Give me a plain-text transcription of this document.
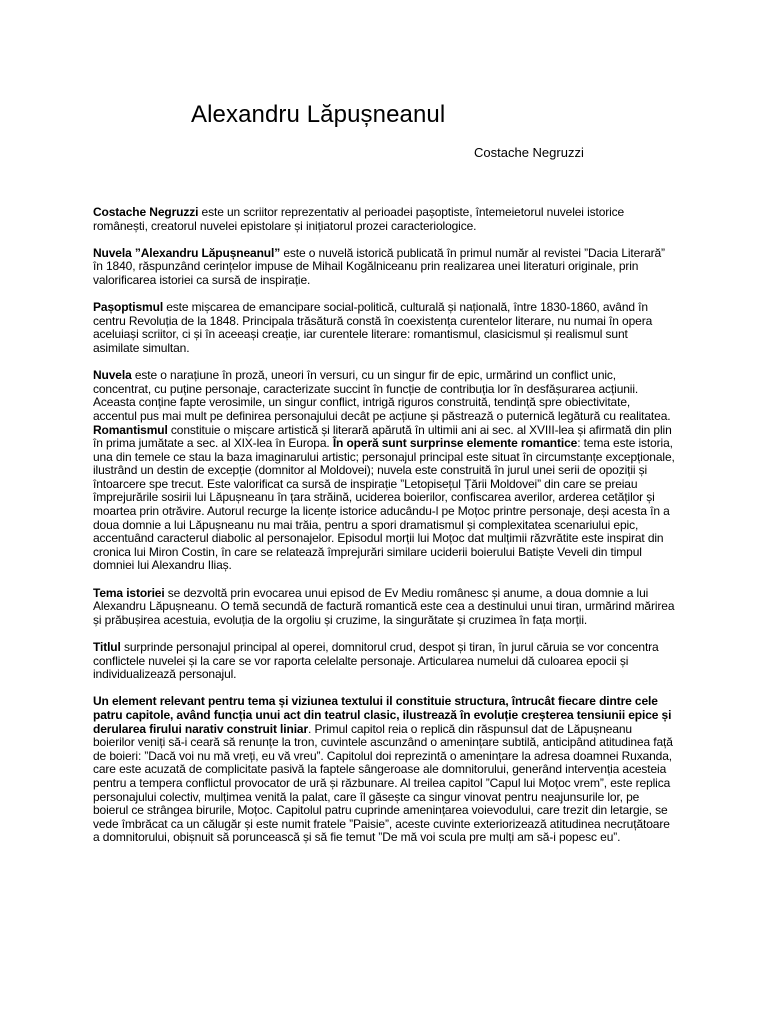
Alexandru Lăpușneanul
Costache Negruzzi

Costache Negruzzi este un scriitor reprezentativ al perioadei pașoptiste, întemeietorul nuvelei istorice românești, creatorul nuvelei epistolare și inițiatorul prozei caracteriologice.

Nuvela ”Alexandru Lăpușneanul” este o nuvelă istorică publicată în primul număr al revistei ”Dacia Literară” în 1840, răspunzând cerințelor impuse de Mihail Kogălniceanu prin realizarea unei literaturi originale, prin valorificarea istoriei ca sursă de inspirație.

Pașoptismul este mișcarea de emancipare social-politică, culturală și națională, între 1830-1860, având în centru Revoluția de la 1848. Principala trăsătură constă în coexistența curentelor literare, nu numai în opera aceluiași scriitor, ci și în aceeași creație, iar curentele literare: romantismul, clasicismul și realismul sunt asimilate simultan.

Nuvela este o narațiune în proză, uneori în versuri, cu un singur fir de epic, urmărind un conflict unic, concentrat, cu puține personaje, caracterizate succint în funcție de contribuția lor în desfășurarea acțiunii. Aceasta conține fapte verosimile, un singur conflict, intrigă riguros construită, tendință spre obiectivitate, accentul pus mai mult pe definirea personajului decât pe acțiune și păstrează o puternică legătură cu realitatea. Romantismul constituie o mișcare artistică și literară apărută în ultimii ani ai sec. al XVIII-lea și afirmată din plin în prima jumătate a sec. al XIX-lea în Europa. În operă sunt surprinse elemente romantice: tema este istoria, una din temele ce stau la baza imaginarului artistic; personajul principal este situat în circumstanțe excepționale, ilustrând un destin de excepție (domnitor al Moldovei); nuvela este construită în jurul unei serii de opoziții și întoarcere spe trecut. Este valorificat ca sursă de inspirație ”Letopisețul Țării Moldovei” din care se preiau împrejurările sosirii lui Lăpușneanu în țara străină, uciderea boierilor, confiscarea averilor, arderea cetăților și moartea prin otrăvire. Autorul recurge la licențe istorice aducându-l pe Moțoc printre personaje, deși acesta în a doua domnie a lui Lăpușneanu nu mai trăia, pentru a spori dramatismul și complexitatea scenariului epic, accentuând caracterul diabolic al personajelor. Episodul morții lui Moțoc dat mulțimii răzvrătite este inspirat din cronica lui Miron Costin, în care se relatează împrejurări similare uciderii boierului Batiște Veveli din timpul domniei lui Alexandru Iliaș.

Tema istoriei se dezvoltă prin evocarea unui episod de Ev Mediu românesc și anume, a doua domnie a lui Alexandru Lăpușneanu. O temă secundă de factură romantică este cea a destinului unui tiran, urmărind mărirea și prăbușirea acestuia, evoluția de la orgoliu și cruzime, la singurătate și cruzimea în fața morții.

Titlul surprinde personajul principal al operei, domnitorul crud, despot și tiran, în jurul căruia se vor concentra conflictele nuvelei și la care se vor raporta celelalte personaje. Articularea numelui dă culoarea epocii și individualizează personajul.

Un element relevant pentru tema și viziunea textului il constituie structura, întrucât fiecare dintre cele patru capitole, având funcția unui act din teatrul clasic, ilustrează în evoluție creșterea tensiunii epice și derularea firului narativ construit liniar. Primul capitol reia o replică din răspunsul dat de Lăpușneanu boierilor veniți să-i ceară să renunțe la tron, cuvintele ascunzând o amenințare subtilă, anticipând atitudinea față de boieri: ”Dacă voi nu mă vreți, eu vă vreu”. Capitolul doi reprezintă o amenințare la adresa doamnei Ruxanda, care este acuzată de complicitate pasivă la faptele sângeroase ale domnitorului, generând intervenția acesteia pentru a tempera conflictul provocator de ură și răzbunare. Al treilea capitol ”Capul lui Moțoc vrem”, este replica personajului colectiv, mulțimea venită la palat, care îl găsește ca singur vinovat pentru neajunsurile lor, pe boierul ce strângea birurile, Moțoc. Capitolul patru cuprinde amenințarea voievodului, care trezit din letargie, se vede îmbrăcat ca un călugăr și este numit fratele ”Paisie”, aceste cuvinte exteriorizează atitudinea necruțătoare a domnitorului, obișnuit să poruncească și să fie temut ”De mă voi scula pre mulți am să-i popesc eu”.
